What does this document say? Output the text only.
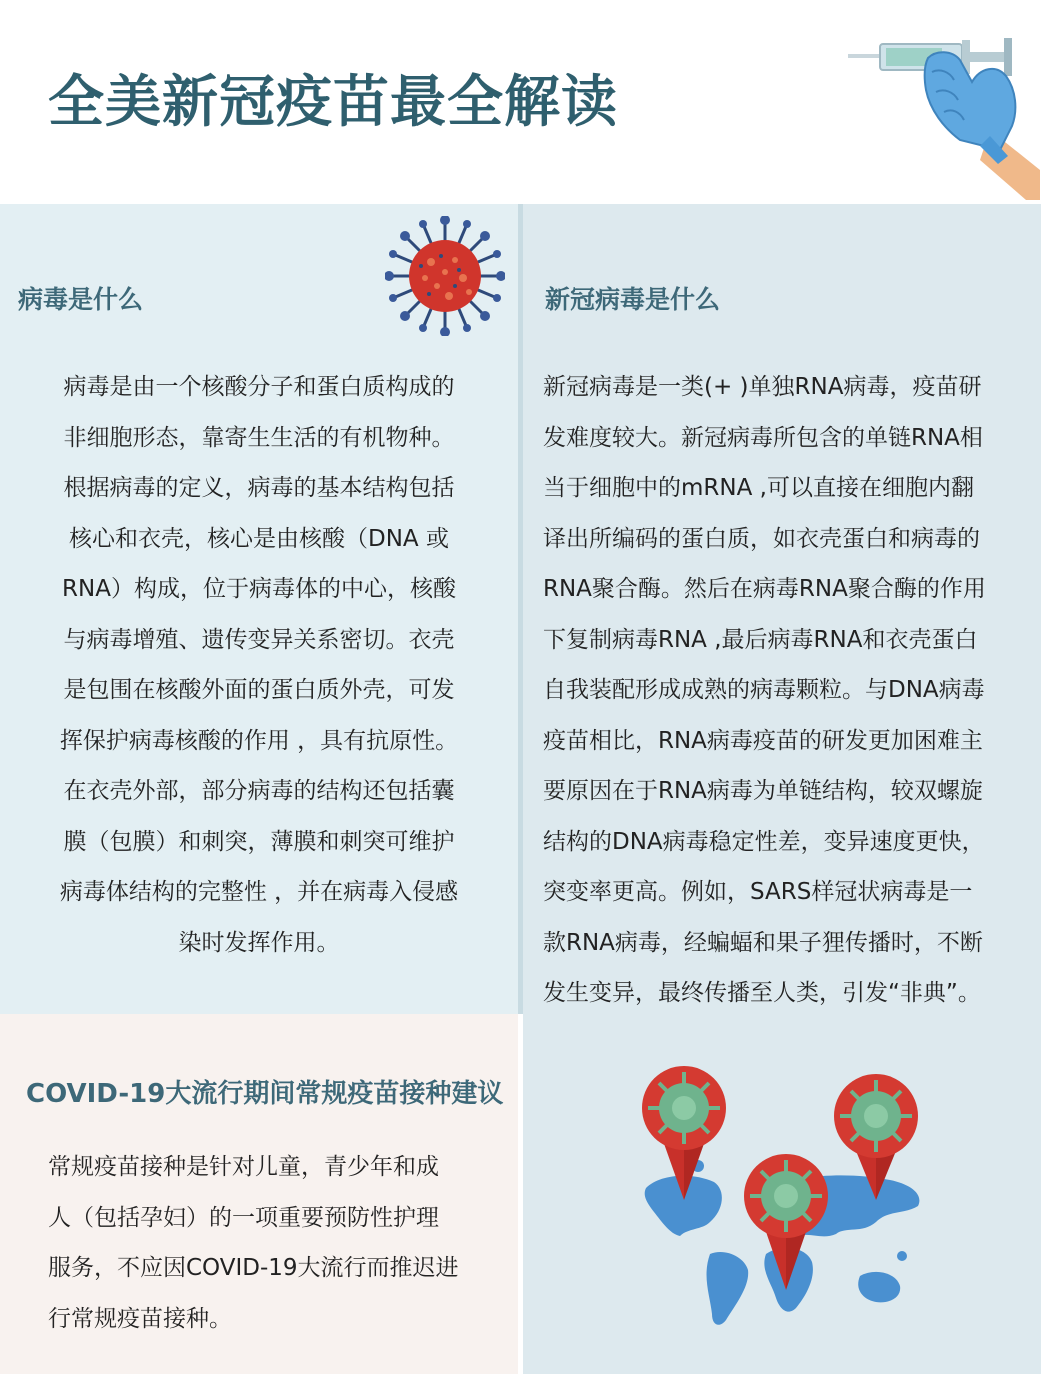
全美新冠疫苗最全解读
病毒是什么	新冠病毒是什么
COVID-19大流行期间常规疫苗接种建议
病毒是由一个核酸分子和蛋白质构成的
非细胞形态，靠寄生生活的有机物种。
根据病毒的定义，病毒的基本结构包括
核心和衣壳，核心是由核酸（DNA 或
RNA）构成，位于病毒体的中心，核酸
与病毒增殖、遗传变异关系密切。衣壳
是包围在核酸外面的蛋白质外壳，可发
挥保护病毒核酸的作用 ，具有抗原性。
在衣壳外部，部分病毒的结构还包括囊
膜（包膜）和刺突，薄膜和刺突可维护
病毒体结构的完整性 ，并在病毒入侵感
染时发挥作用。
新冠病毒是一类(+ )单独RNA病毒，疫苗研
发难度较大。新冠病毒所包含的单链RNA相
当于细胞中的mRNA ,可以直接在细胞内翻
译出所编码的蛋白质，如衣壳蛋白和病毒的
RNA聚合酶。然后在病毒RNA聚合酶的作用
下复制病毒RNA ,最后病毒RNA和衣壳蛋白
自我装配形成成熟的病毒颗粒。与DNA病毒
疫苗相比，RNA病毒疫苗的研发更加困难主
要原因在于RNA病毒为单链结构，较双螺旋
结构的DNA病毒稳定性差，变异速度更快，
突变率更高。例如，SARS样冠状病毒是一
款RNA病毒，经蝙蝠和果子狸传播时，不断
发生变异，最终传播至人类，引发“非典”。
常规疫苗接种是针对儿童，青少年和成
人（包括孕妇）的一项重要预防性护理
服务，不应因COVID-19大流行而推迟进
行常规疫苗接种。
